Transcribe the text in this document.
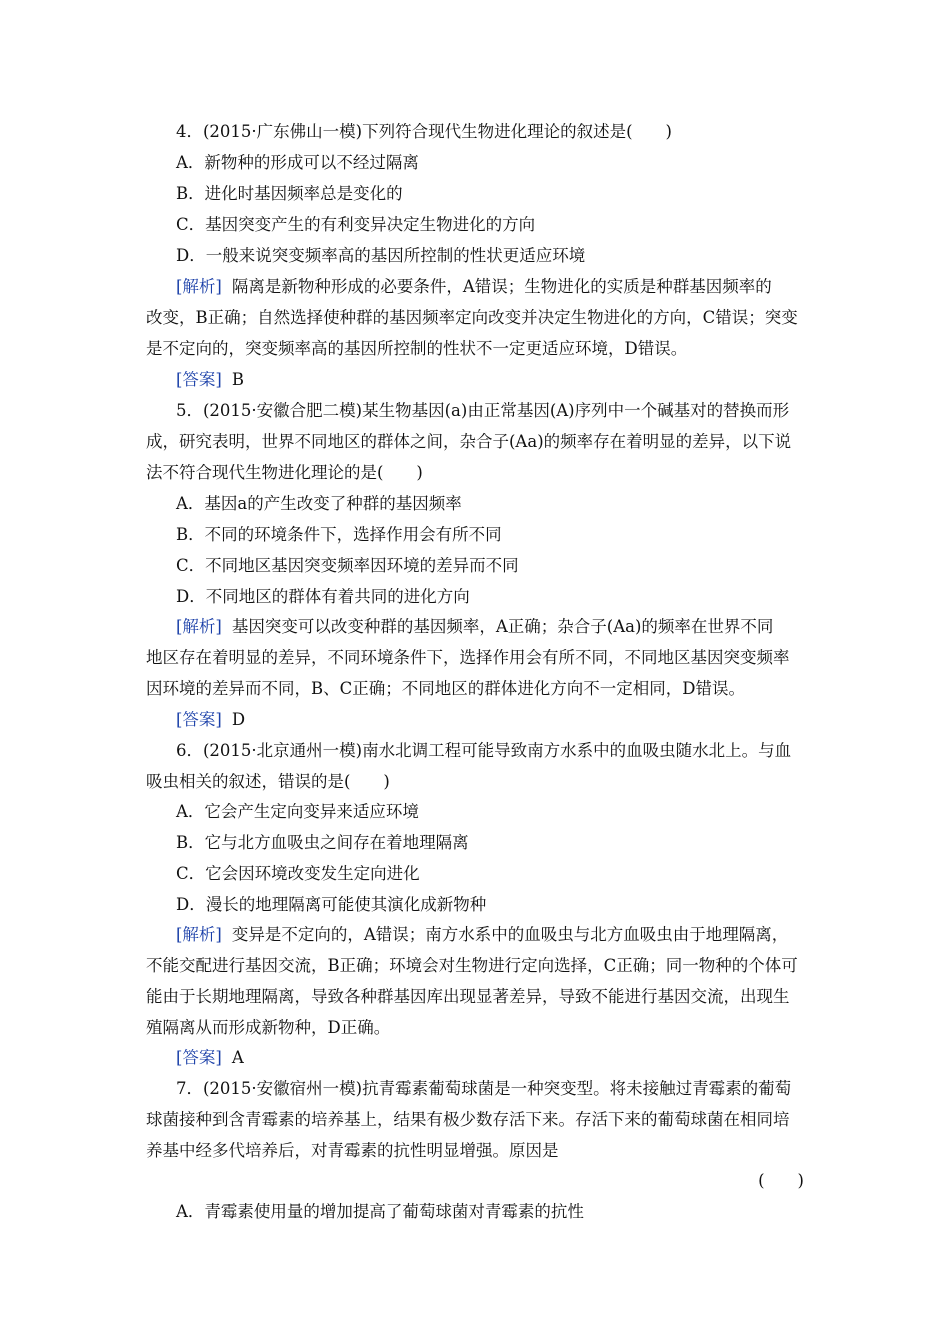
4．(2015·广东佛山一模)下列符合现代生物进化理论的叙述是(　　)
A．新物种的形成可以不经过隔离
B．进化时基因频率总是变化的
C．基因突变产生的有利变异决定生物进化的方向
D．一般来说突变频率高的基因所控制的性状更适应环境
[解析] 隔离是新物种形成的必要条件，A错误；生物进化的实质是种群基因频率的
改变，B正确；自然选择使种群的基因频率定向改变并决定生物进化的方向，C错误；突变
是不定向的，突变频率高的基因所控制的性状不一定更适应环境，D错误。
[答案] B
5．(2015·安徽合肥二模)某生物基因(a)由正常基因(A)序列中一个碱基对的替换而形
成，研究表明，世界不同地区的群体之间，杂合子(Aa)的频率存在着明显的差异，以下说
法不符合现代生物进化理论的是(　　)
A．基因a的产生改变了种群的基因频率
B．不同的环境条件下，选择作用会有所不同
C．不同地区基因突变频率因环境的差异而不同
D．不同地区的群体有着共同的进化方向
[解析] 基因突变可以改变种群的基因频率，A正确；杂合子(Aa)的频率在世界不同
地区存在着明显的差异，不同环境条件下，选择作用会有所不同，不同地区基因突变频率
因环境的差异而不同，B、C正确；不同地区的群体进化方向不一定相同，D错误。
[答案] D
6．(2015·北京通州一模)南水北调工程可能导致南方水系中的血吸虫随水北上。与血
吸虫相关的叙述，错误的是(　　)
A．它会产生定向变异来适应环境
B．它与北方血吸虫之间存在着地理隔离
C．它会因环境改变发生定向进化
D．漫长的地理隔离可能使其演化成新物种
[解析] 变异是不定向的，A错误；南方水系中的血吸虫与北方血吸虫由于地理隔离，
不能交配进行基因交流，B正确；环境会对生物进行定向选择，C正确；同一物种的个体可
能由于长期地理隔离，导致各种群基因库出现显著差异，导致不能进行基因交流，出现生
殖隔离从而形成新物种，D正确。
[答案] A
7．(2015·安徽宿州一模)抗青霉素葡萄球菌是一种突变型。将未接触过青霉素的葡萄
球菌接种到含青霉素的培养基上，结果有极少数存活下来。存活下来的葡萄球菌在相同培
养基中经多代培养后，对青霉素的抗性明显增强。原因是
(　　)
A．青霉素使用量的增加提高了葡萄球菌对青霉素的抗性
